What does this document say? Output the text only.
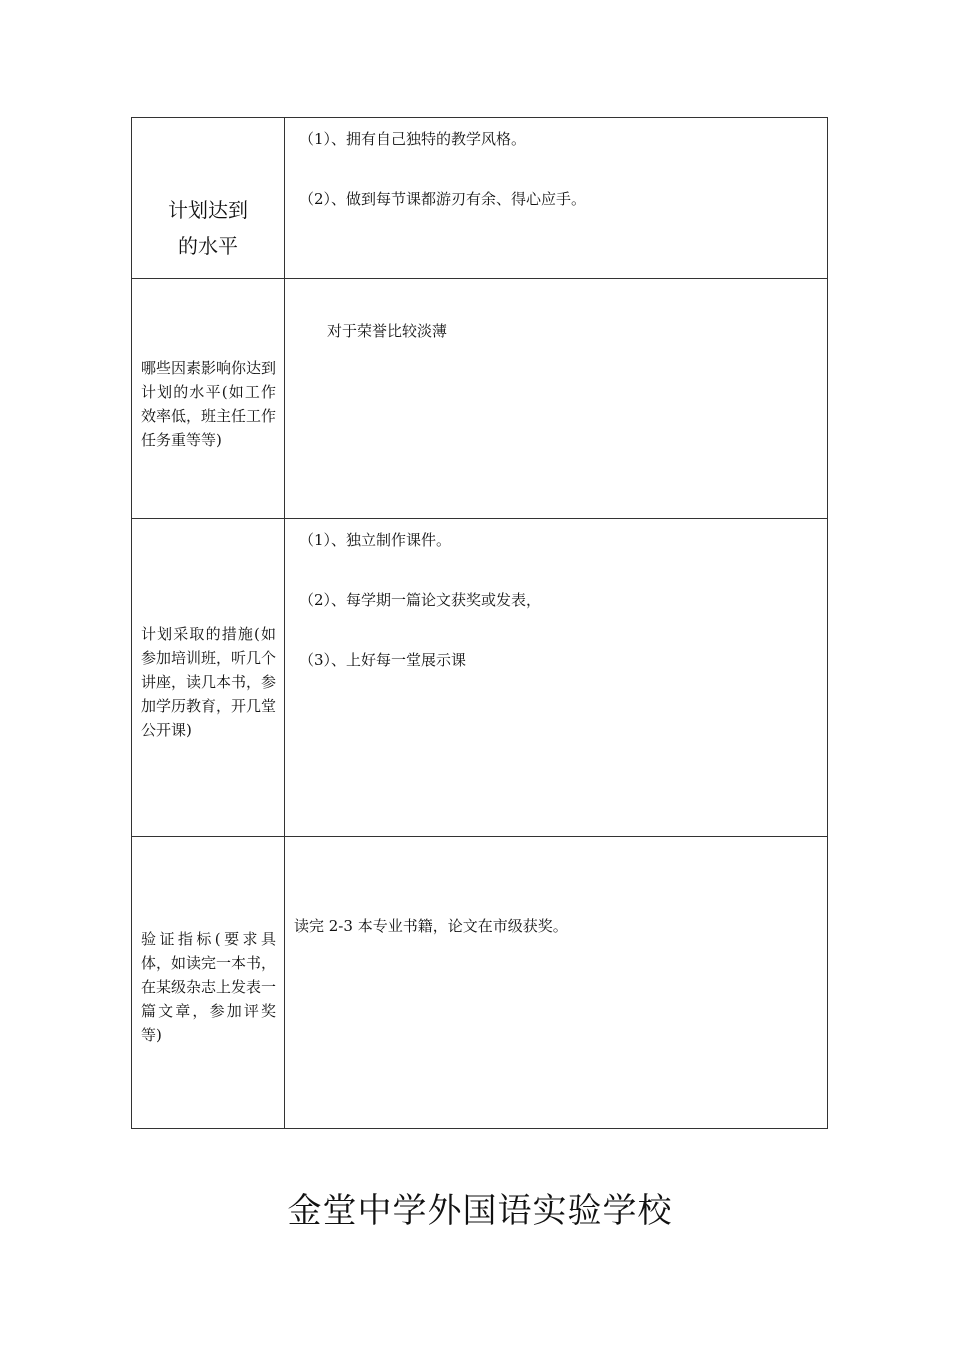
计划达到
的水平	（1）、拥有自己独特的教学风格。
（2）、做到每节课都游刃有余、得心应手。

哪些因素影响你达到计划的水平(如工作效率低，班主任工作任务重等等)	对于荣誉比较淡薄

计划采取的措施(如参加培训班，听几个讲座，读几本书，参加学历教育，开几堂公开课)	（1）、独立制作课件。
（2）、每学期一篇论文获奖或发表，
（3）、上好每一堂展示课

验证指标(要求具体，如读完一本书，在某级杂志上发表一篇文章，参加评奖等)	读完 2-3 本专业书籍，论文在市级获奖。
金堂中学外国语实验学校
